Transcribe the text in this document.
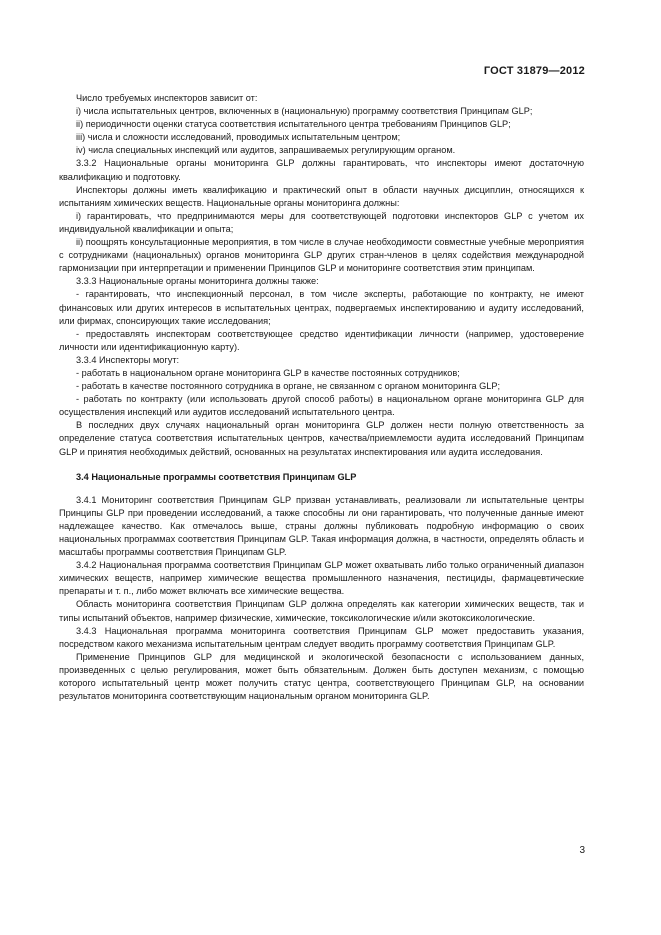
ГОСТ 31879—2012

Число требуемых инспекторов зависит от:

i) числа испытательных центров, включенных в (национальную) программу соответствия Принципам GLP;

ii) периодичности оценки статуса соответствия испытательного центра требованиям Принципов GLP;

iii) числа и сложности исследований, проводимых испытательным центром;

iv) числа специальных инспекций или аудитов, запрашиваемых регулирующим органом.

3.3.2 Национальные органы мониторинга GLP должны гарантировать, что инспекторы имеют достаточную квалификацию и подготовку.

Инспекторы должны иметь квалификацию и практический опыт в области научных дисциплин, относящихся к испытаниям химических веществ. Национальные органы мониторинга должны:

i) гарантировать, что предпринимаются меры для соответствующей подготовки инспекторов GLP с учетом их индивидуальной квалификации и опыта;

ii) поощрять консультационные мероприятия, в том числе в случае необходимости совместные учебные мероприятия с сотрудниками (национальных) органов мониторинга GLP других стран-членов в целях содействия международной гармонизации при интерпретации и применении Принципов GLP и мониторинге соответствия этим принципам.

3.3.3 Национальные органы мониторинга должны также:

- гарантировать, что инспекционный персонал, в том числе эксперты, работающие по контракту, не имеют финансовых или других интересов в испытательных центрах, подвергаемых инспектированию и аудиту исследований, или фирмах, спонсирующих такие исследования;

- предоставлять инспекторам соответствующее средство идентификации личности (например, удостоверение личности или идентификационную карту).

3.3.4 Инспекторы могут:

- работать в национальном органе мониторинга GLP в качестве постоянных сотрудников;

- работать в качестве постоянного сотрудника в органе, не связанном с органом мониторинга GLP;

- работать по контракту (или использовать другой способ работы) в национальном органе мониторинга GLP для осуществления инспекций или аудитов исследований испытательного центра.

В последних двух случаях национальный орган мониторинга GLP должен нести полную ответственность за определение статуса соответствия испытательных центров, качества/приемлемости аудита исследований Принципам GLP и принятия необходимых действий, основанных на результатах инспектирования или аудита исследования.

3.4 Национальные программы соответствия Принципам GLP

3.4.1 Мониторинг соответствия Принципам GLP призван устанавливать, реализовали ли испытательные центры Принципы GLP при проведении исследований, а также способны ли они гарантировать, что полученные данные имеют надлежащее качество. Как отмечалось выше, страны должны публиковать подробную информацию о своих национальных программах соответствия Принципам GLP. Такая информация должна, в частности, определять область и масштабы программы соответствия Принципам GLP.

3.4.2 Национальная программа соответствия Принципам GLP может охватывать либо только ограниченный диапазон химических веществ, например химические вещества промышленного назначения, пестициды, фармацевтические препараты и т. п., либо может включать все химические вещества.

Область мониторинга соответствия Принципам GLP должна определять как категории химических веществ, так и типы испытаний объектов, например физические, химические, токсикологические и/или экотоксикологические.

3.4.3 Национальная программа мониторинга соответствия Принципам GLP может предоставить указания, посредством какого механизма испытательным центрам следует вводить программу соответствия Принципам GLP.

Применение Принципов GLP для медицинской и экологической безопасности с использованием данных, произведенных с целью регулирования, может быть обязательным. Должен быть доступен механизм, с помощью которого испытательный центр может получить статус центра, соответствующего Принципам GLP, на основании результатов мониторинга соответствующим национальным органом мониторинга GLP.

3
